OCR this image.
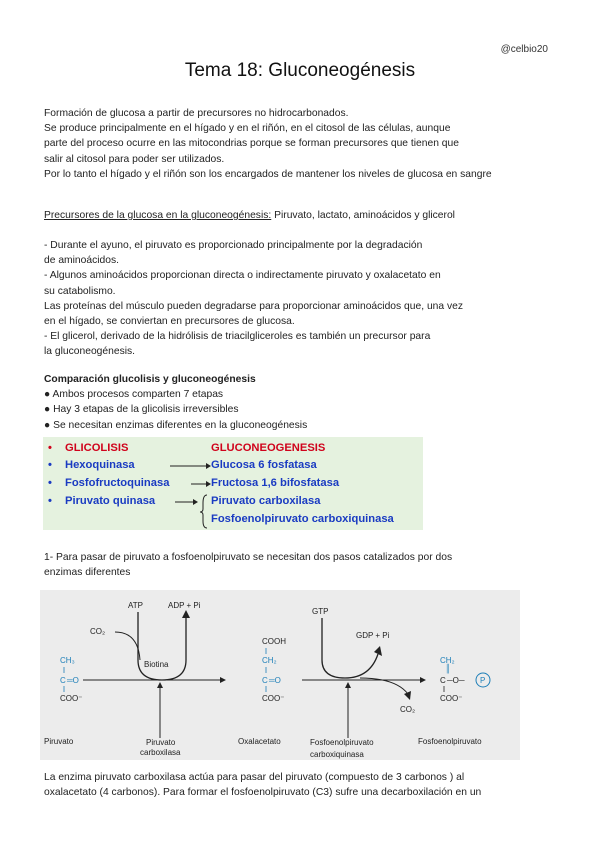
@celbio20
Tema 18: Gluconeogénesis
Formación de glucosa a partir de precursores no hidrocarbonados.
Se produce principalmente en el hígado y en el riñón, en el citosol de las células, aunque
parte del proceso ocurre en las mitocondrias porque se forman precursores que tienen que
salir al citosol para poder ser utilizados.
Por lo tanto el hígado y el riñón son los encargados de mantener los niveles de glucosa en sangre
Precursores de la glucosa en la gluconeogénesis: Piruvato, lactato, aminoácidos y glicerol
- Durante el ayuno, el piruvato es proporcionado principalmente por la degradación
de aminoácidos.
- Algunos aminoácidos proporcionan directa o indirectamente piruvato y oxalacetato en
su catabolismo.
Las proteínas del músculo pueden degradarse para proporcionar aminoácidos que, una vez
en el hígado, se conviertan en precursores de glucosa.
- El glicerol, derivado de la hidrólisis de triacilgliceroles es también un precursor para
la gluconeogénesis.
Comparación glucolisis y gluconeogénesis
● Ambos procesos comparten 7 etapas
● Hay 3 etapas de la glicolisis irreversibles
● Se necesitan enzimas diferentes en la gluconeogénesis
• GLICOLISIS	GLUCONEOGENESIS
• Hexoquinasa	Glucosa 6 fosfatasa
• Fosfofructoquinasa	Fructosa 1,6 bifosfatasa
• Piruvato quinasa	Piruvato carboxilasa
Fosfoenolpiruvato carboxiquinasa
1- Para pasar de piruvato a fosfoenolpiruvato se necesitan dos pasos catalizados por dos
enzimas diferentes
ATP	ADP + Pi
CO₂
Biotina
GTP
GDP + Pi
CO₂
CH₃
C ═O
COO⁻
COOH
CH₂
C ═O
COO⁻
CH₂
║
C ─O─ P
COO⁻
Piruvato	Piruvato
carboxilasa
Oxalacetato	Fosfoenolpiruvato
carboxiquinasa
Fosfoenolpiruvato
La enzima piruvato carboxilasa actúa para pasar del piruvato (compuesto de 3 carbonos ) al
oxalacetato (4 carbonos). Para formar el fosfoenolpiruvato (C3) sufre una decarboxilación en un
